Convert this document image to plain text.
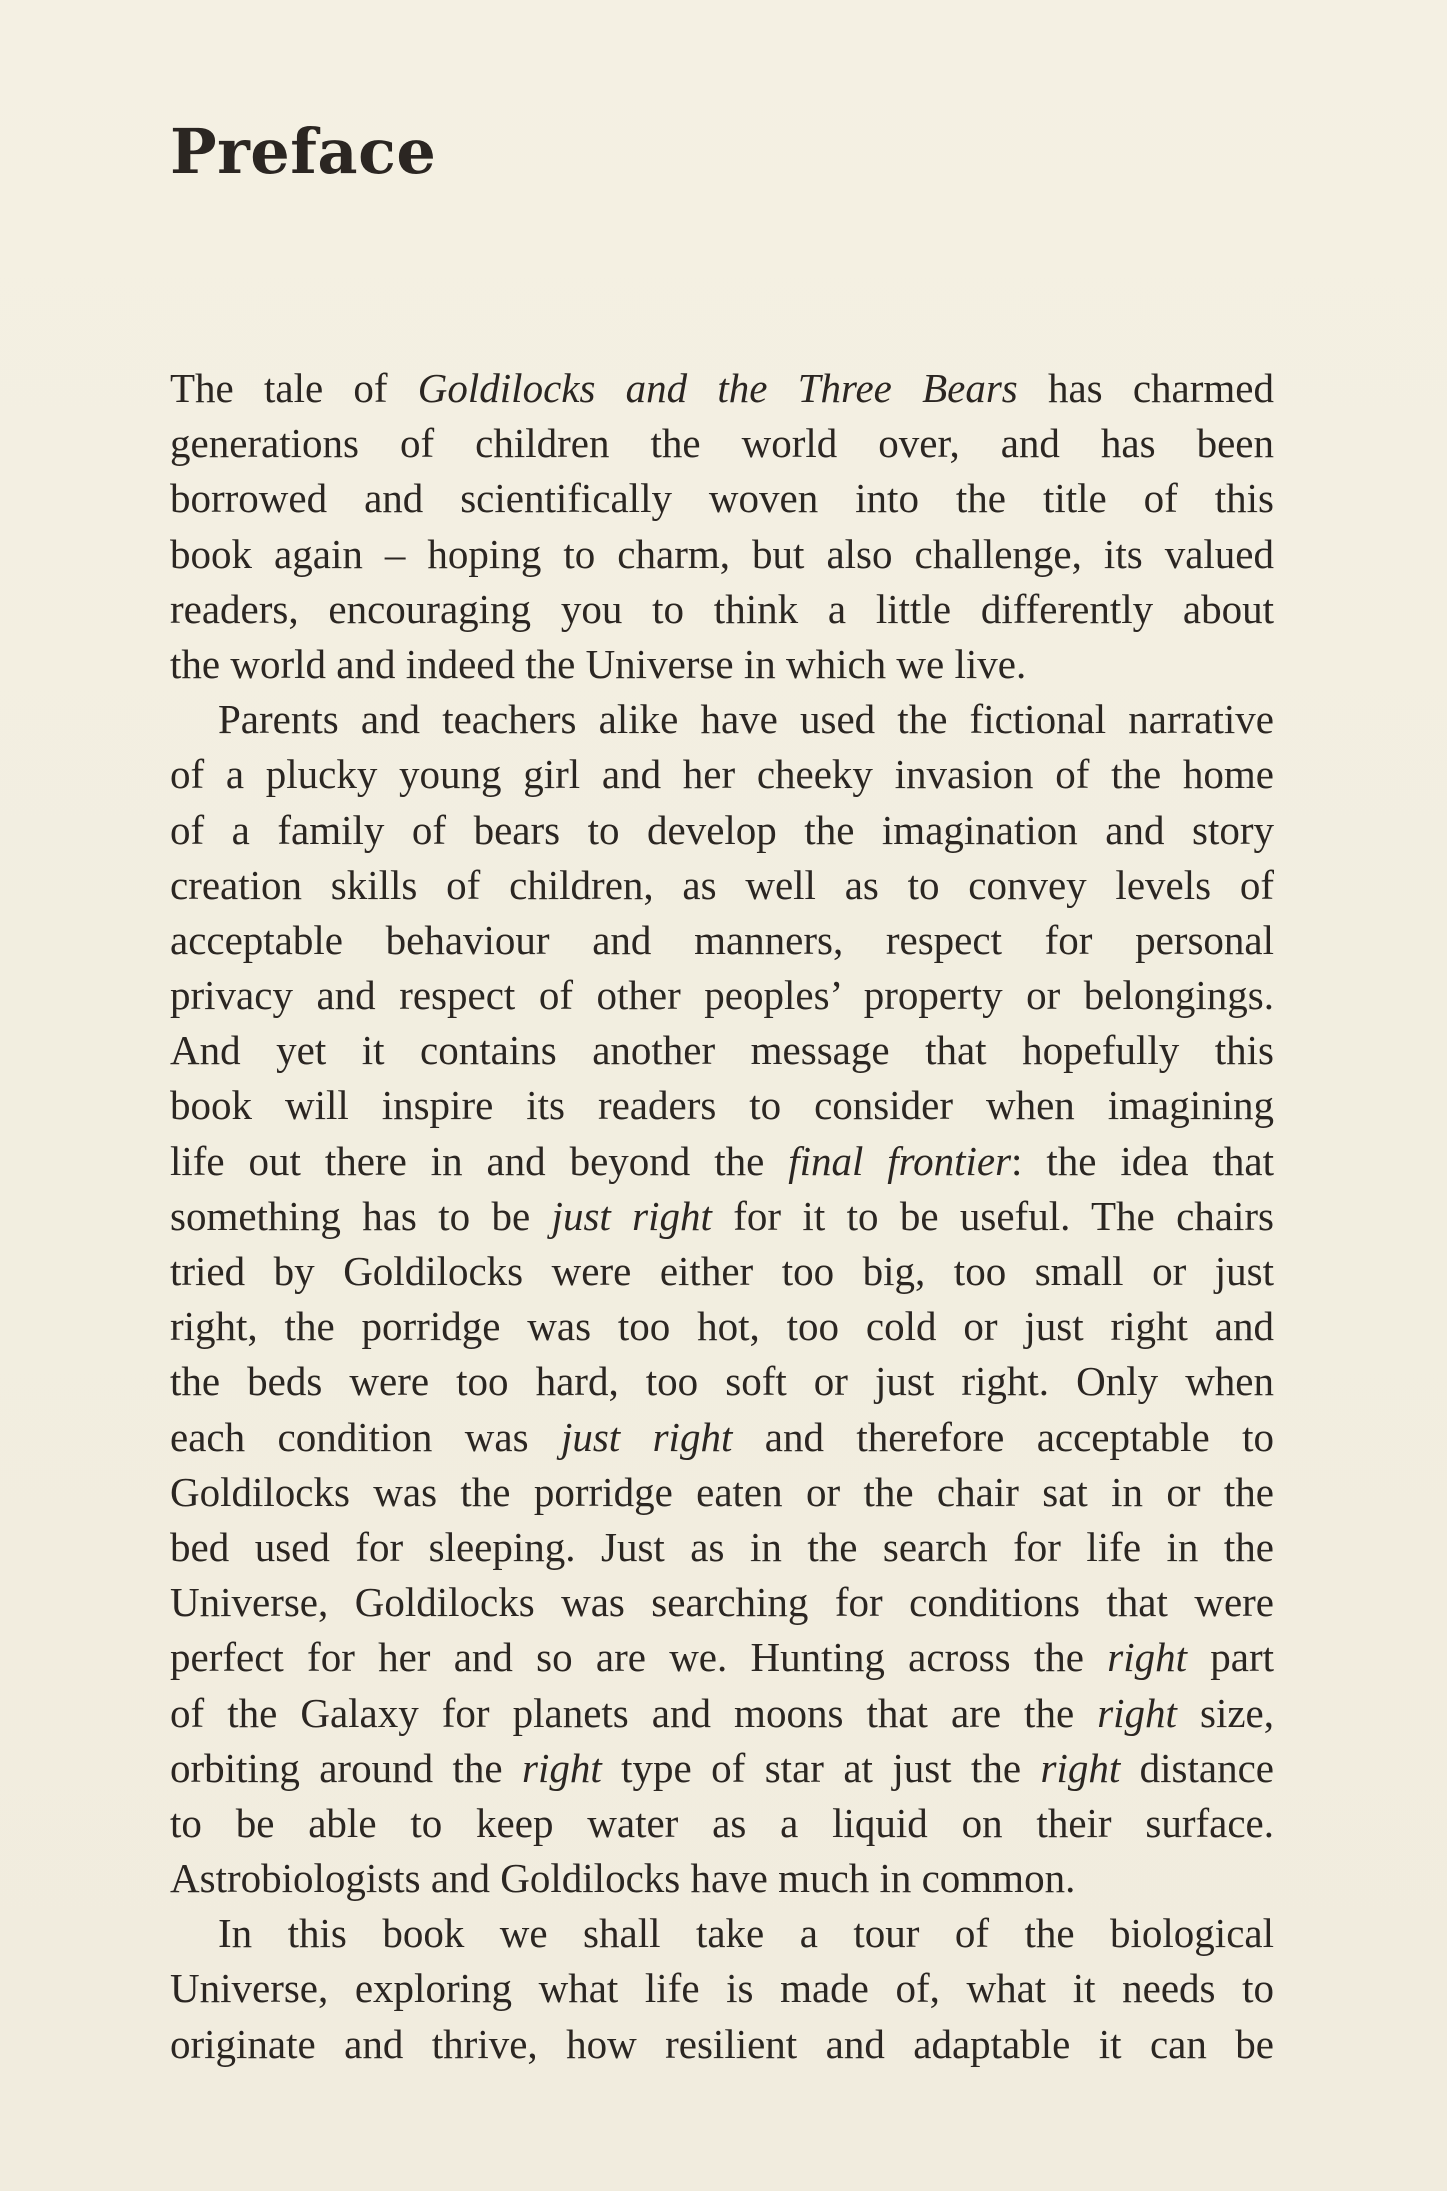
Preface
The tale of Goldilocks and the Three Bears has charmed
generations of children the world over, and has been
borrowed and scientifically woven into the title of this
book again – hoping to charm, but also challenge, its valued
readers, encouraging you to think a little differently about
the world and indeed the Universe in which we live.
Parents and teachers alike have used the fictional narrative
of a plucky young girl and her cheeky invasion of the home
of a family of bears to develop the imagination and story
creation skills of children, as well as to convey levels of
acceptable behaviour and manners, respect for personal
privacy and respect of other peoples’ property or belongings.
And yet it contains another message that hopefully this
book will inspire its readers to consider when imagining
life out there in and beyond the final frontier: the idea that
something has to be just right for it to be useful. The chairs
tried by Goldilocks were either too big, too small or just
right, the porridge was too hot, too cold or just right and
the beds were too hard, too soft or just right. Only when
each condition was just right and therefore acceptable to
Goldilocks was the porridge eaten or the chair sat in or the
bed used for sleeping. Just as in the search for life in the
Universe, Goldilocks was searching for conditions that were
perfect for her and so are we. Hunting across the right part
of the Galaxy for planets and moons that are the right size,
orbiting around the right type of star at just the right distance
to be able to keep water as a liquid on their surface.
Astrobiologists and Goldilocks have much in common.
In this book we shall take a tour of the biological
Universe, exploring what life is made of, what it needs to
originate and thrive, how resilient and adaptable it can be
